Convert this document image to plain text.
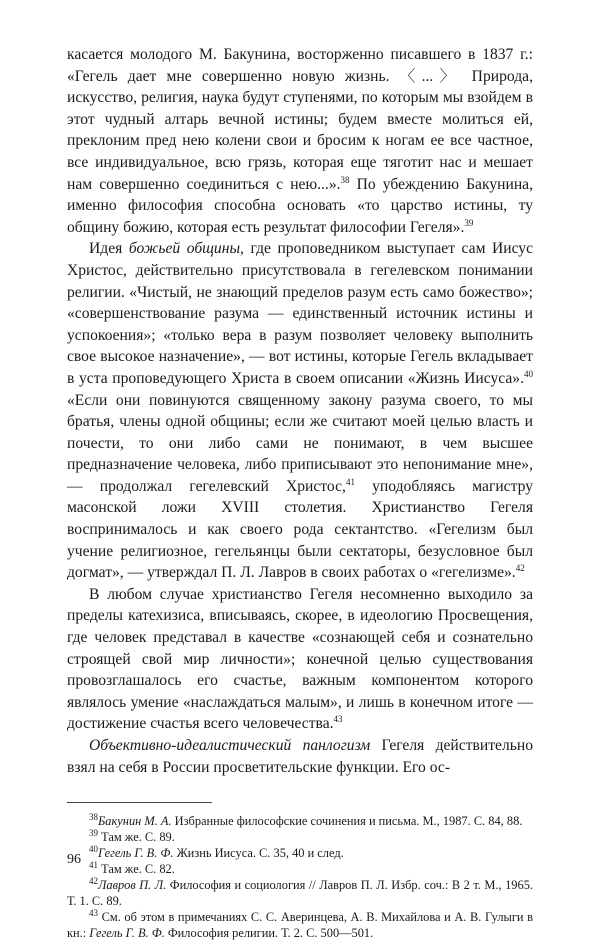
касается молодого М. Бакунина, восторженно писавшего в 1837 г.: «Гегель дает мне совершенно новую жизнь. 〈...〉 Природа, искусство, религия, наука будут ступенями, по которым мы взойдем в этот чудный алтарь вечной истины; будем вместе молиться ей, преклоним пред нею колени свои и бросим к ногам ее все частное, все индивидуальное, всю грязь, которая еще тяготит нас и мешает нам совершенно соединиться с нею...».$^{38}$ По убеждению Бакунина, именно философия способна основать «то царство истины, ту общину божию, которая есть результат философии Гегеля».$^{39}$

Идея божьей общины, где проповедником выступает сам Иисус Христос, действительно присутствовала в гегелевском понимании религии. «Чистый, не знающий пределов разум есть само божество»; «совершенствование разума — единственный источник истины и успокоения»; «только вера в разум позволяет человеку выполнить свое высокое назначение», — вот истины, которые Гегель вкладывает в уста проповедующего Христа в своем описании «Жизнь Иисуса».$^{40}$ «Если они повинуются священному закону разума своего, то мы братья, члены одной общины; если же считают моей целью власть и почести, то они либо сами не понимают, в чем высшее предназначение человека, либо приписывают это непонимание мне», — продолжал гегелевский Христос,$^{41}$ уподобляясь магистру масонской ложи XVIII столетия. Христианство Гегеля воспринималось и как своего рода сектантство. «Гегелизм был учение религиозное, гегельянцы были сектаторы, безусловное был догмат», — утверждал П. Л. Лавров в своих работах о «гегелизме».$^{42}$

В любом случае христианство Гегеля несомненно выходило за пределы катехизиса, вписываясь, скорее, в идеологию Просвещения, где человек представал в качестве «сознающей себя и сознательно строящей свой мир личности»; конечной целью существования провозглашалось его счастье, важным компонентом которого являлось умение «наслаждаться малым», и лишь в конечном итоге — достижение счастья всего человечества.$^{43}$

Объективно-идеалистический панлогизм Гегеля действительно взял на себя в России просветительские функции. Его ос-

$^{38}$Бакунин М. А. Избранные философские сочинения и письма. М., 1987. С. 84, 88.

$^{39}$ Там же. С. 89.

$^{40}$Гегель Г. В. Ф. Жизнь Иисуса. С. 35, 40 и след.

$^{41}$ Там же. С. 82.

$^{42}$Лавров П. Л. Философия и социология // Лавров П. Л. Избр. соч.: В 2 т. М., 1965. Т. 1. С. 89.

$^{43}$ См. об этом в примечаниях С. С. Аверинцева, А. В. Михайлова и А. В. Гулыги в кн.: Гегель Г. В. Ф. Философия религии. Т. 2. С. 500—501.

96
